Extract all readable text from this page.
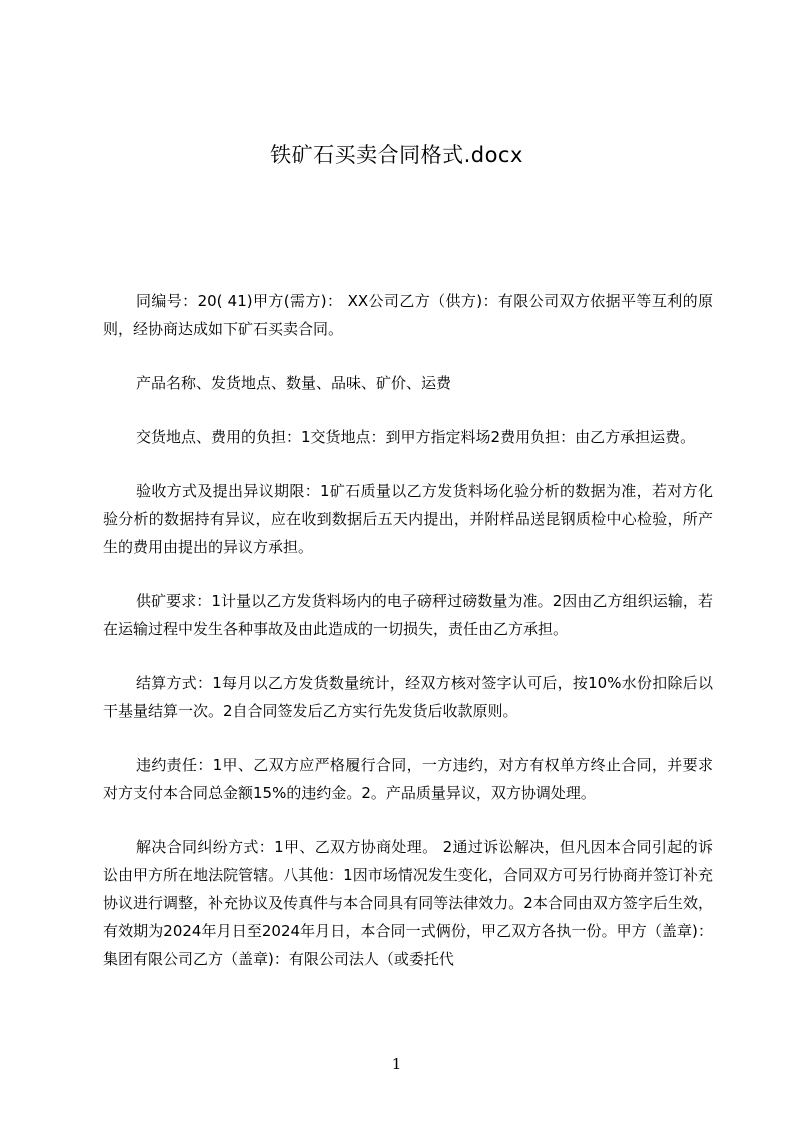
铁矿石买卖合同格式.docx

同编号：20( 41)甲方(需方)： XX公司乙方（供方)：有限公司双方依据平等互利的原则，经协商达成如下矿石买卖合同。

产品名称、发货地点、数量、品味、矿价、运费

交货地点、费用的负担：1交货地点：到甲方指定料场2费用负担：由乙方承担运费。

验收方式及提出异议期限：1矿石质量以乙方发货料场化验分析的数据为准，若对方化验分析的数据持有异议，应在收到数据后五天内提出，并附样品送昆钢质检中心检验，所产生的费用由提出的异议方承担。

供矿要求：1计量以乙方发货料场内的电子磅秤过磅数量为准。2因由乙方组织运输，若在运输过程中发生各种事故及由此造成的一切损失，责任由乙方承担。

结算方式：1每月以乙方发货数量统计，经双方核对签字认可后，按10%水份扣除后以干基量结算一次。2自合同签发后乙方实行先发货后收款原则。

违约责任：1甲、乙双方应严格履行合同，一方违约，对方有权单方终止合同，并要求对方支付本合同总金额15%的违约金。2。产品质量异议，双方协调处理。

解决合同纠纷方式：1甲、乙双方协商处理。 2通过诉讼解决，但凡因本合同引起的诉讼由甲方所在地法院管辖。八其他：1因市场情况发生变化，合同双方可另行协商并签订补充协议进行调整，补充协议及传真件与本合同具有同等法律效力。2本合同由双方签字后生效，有效期为2024年月日至2024年月日，本合同一式俩份，甲乙双方各执一份。甲方（盖章)：集团有限公司乙方（盖章)：有限公司法人（或委托代

1
